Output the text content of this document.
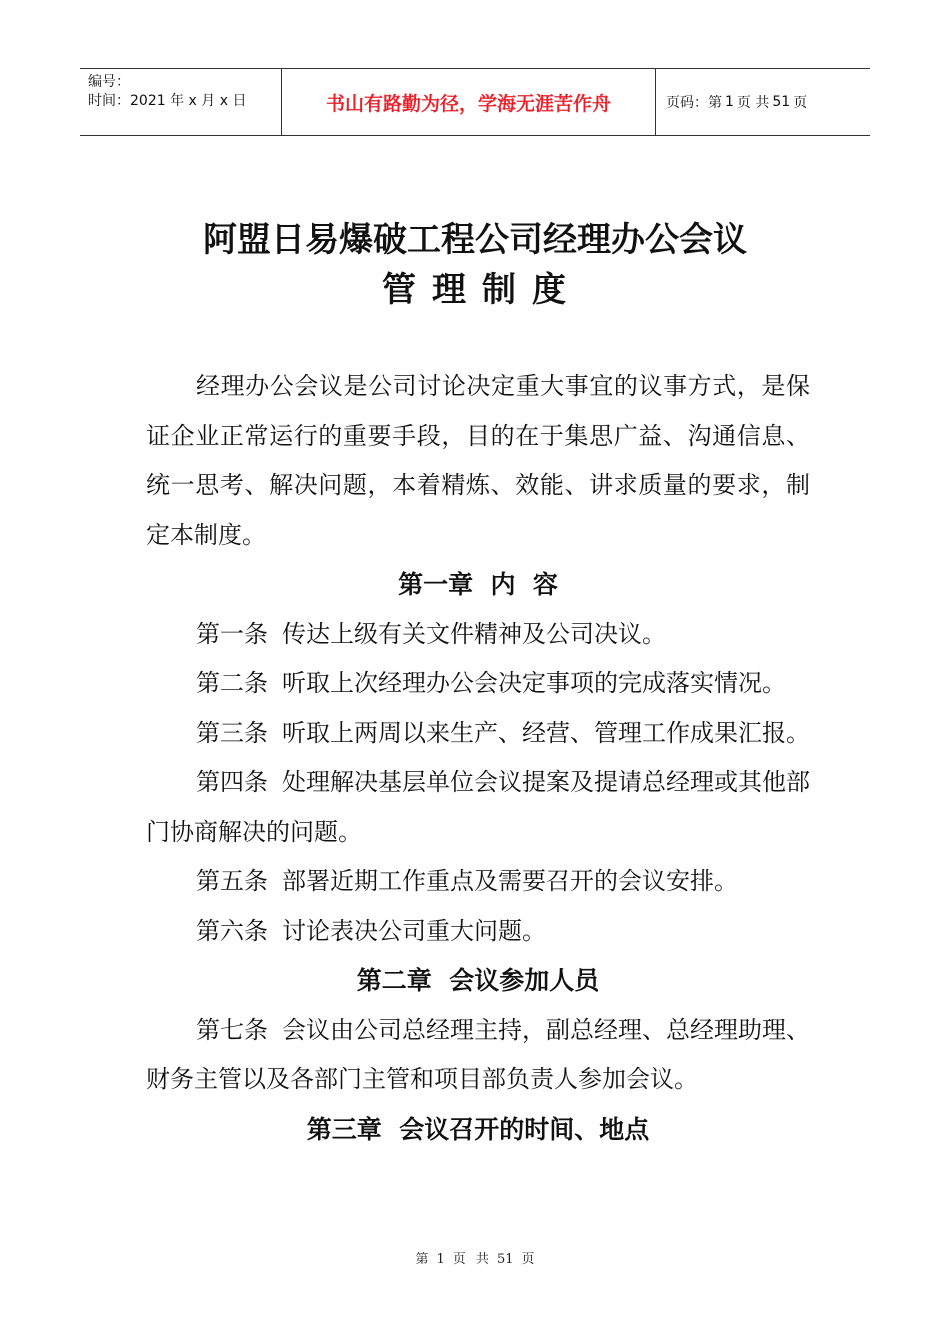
编号：
时间：2021 年 x 月 x 日	书山有路勤为径，学海无涯苦作舟	页码：第 1 页 共 51 页
阿盟日易爆破工程公司经理办公会议
管理制度

经理办公会议是公司讨论决定重大事宜的议事方式，是保证企业正常运行的重要手段，目的在于集思广益、沟通信息、统一思考、解决问题，本着精炼、效能、讲求质量的要求，制定本制度。

第一章  内  容

第一条 传达上级有关文件精神及公司决议。

第二条 听取上次经理办公会决定事项的完成落实情况。

第三条 听取上两周以来生产、经营、管理工作成果汇报。

第四条 处理解决基层单位会议提案及提请总经理或其他部门协商解决的问题。

第五条 部署近期工作重点及需要召开的会议安排。

第六条 讨论表决公司重大问题。

第二章  会议参加人员

第七条 会议由公司总经理主持，副总经理、总经理助理、财务主管以及各部门主管和项目部负责人参加会议。

第三章  会议召开的时间、地点

第 1 页 共 51 页
